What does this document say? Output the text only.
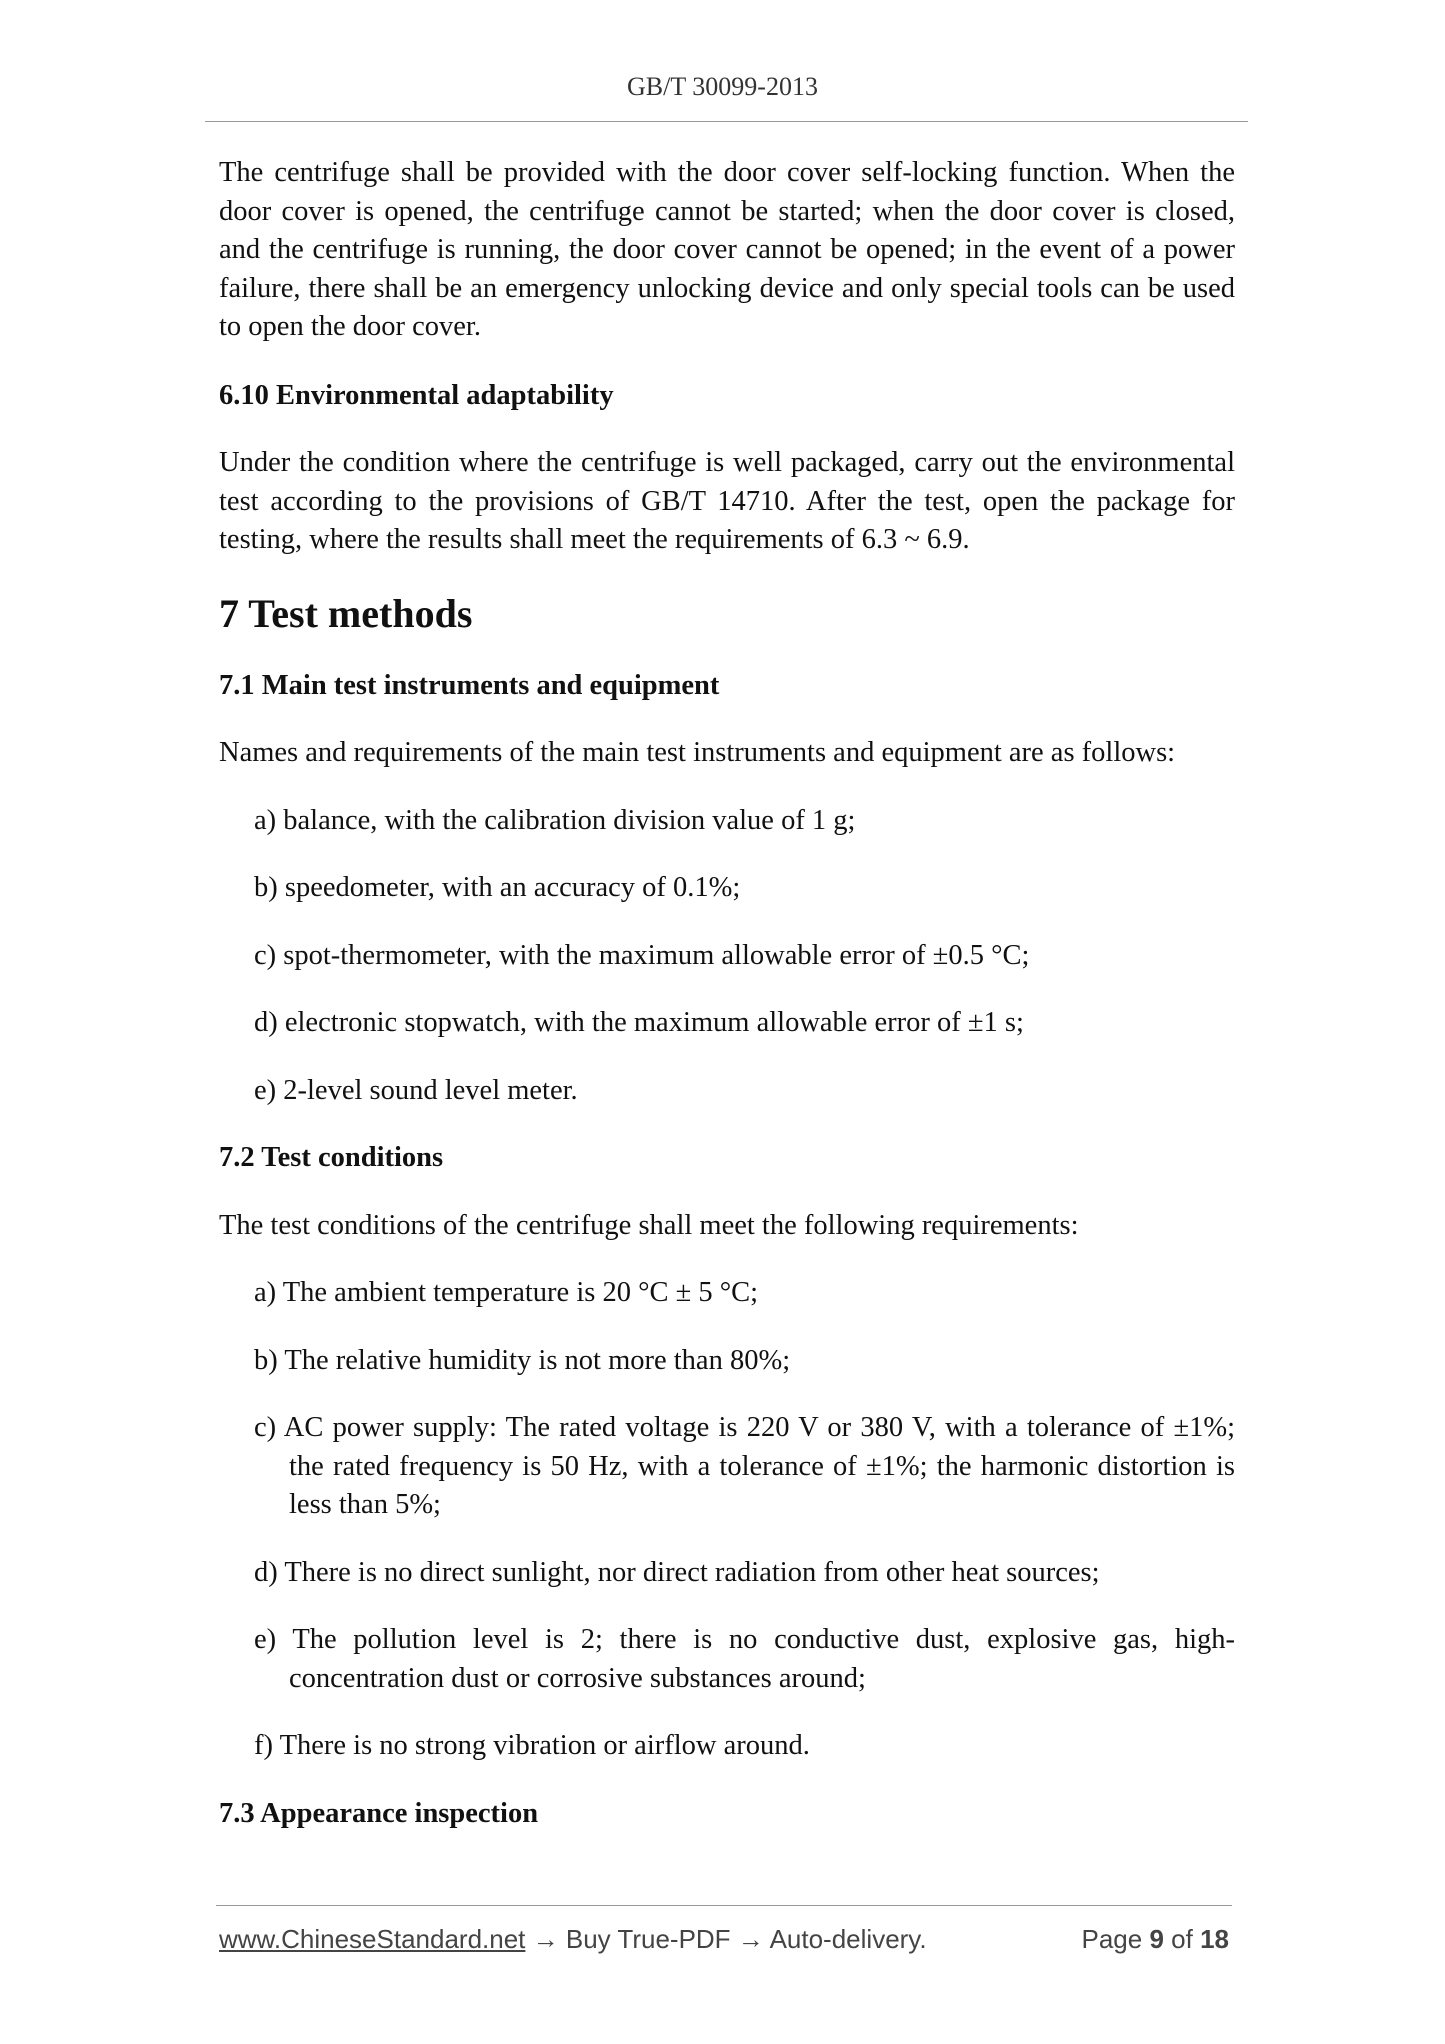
GB/T 30099-2013

The centrifuge shall be provided with the door cover self-locking function. When the

door cover is opened, the centrifuge cannot be started; when the door cover is closed,

and the centrifuge is running, the door cover cannot be opened; in the event of a power

failure, there shall be an emergency unlocking device and only special tools can be used

to open the door cover.

6.10 Environmental adaptability

Under the condition where the centrifuge is well packaged, carry out the environmental

test according to the provisions of GB/T 14710. After the test, open the package for

testing, where the results shall meet the requirements of 6.3 ~ 6.9.

7 Test methods

7.1 Main test instruments and equipment

Names and requirements of the main test instruments and equipment are as follows:

a) balance, with the calibration division value of 1 g;

b) speedometer, with an accuracy of 0.1%;

c) spot-thermometer, with the maximum allowable error of ±0.5 °C;

d) electronic stopwatch, with the maximum allowable error of ±1 s;

e) 2-level sound level meter.

7.2 Test conditions

The test conditions of the centrifuge shall meet the following requirements:

a) The ambient temperature is 20 °C ± 5 °C;

b) The relative humidity is not more than 80%;

c) AC power supply: The rated voltage is 220 V or 380 V, with a tolerance of ±1%;

the rated frequency is 50 Hz, with a tolerance of ±1%; the harmonic distortion is

less than 5%;

d) There is no direct sunlight, nor direct radiation from other heat sources;

e) The pollution level is 2; there is no conductive dust, explosive gas, high-

concentration dust or corrosive substances around;

f) There is no strong vibration or airflow around.

7.3 Appearance inspection

www.ChineseStandard.net → Buy True-PDF → Auto-delivery.	Page 9 of 18
